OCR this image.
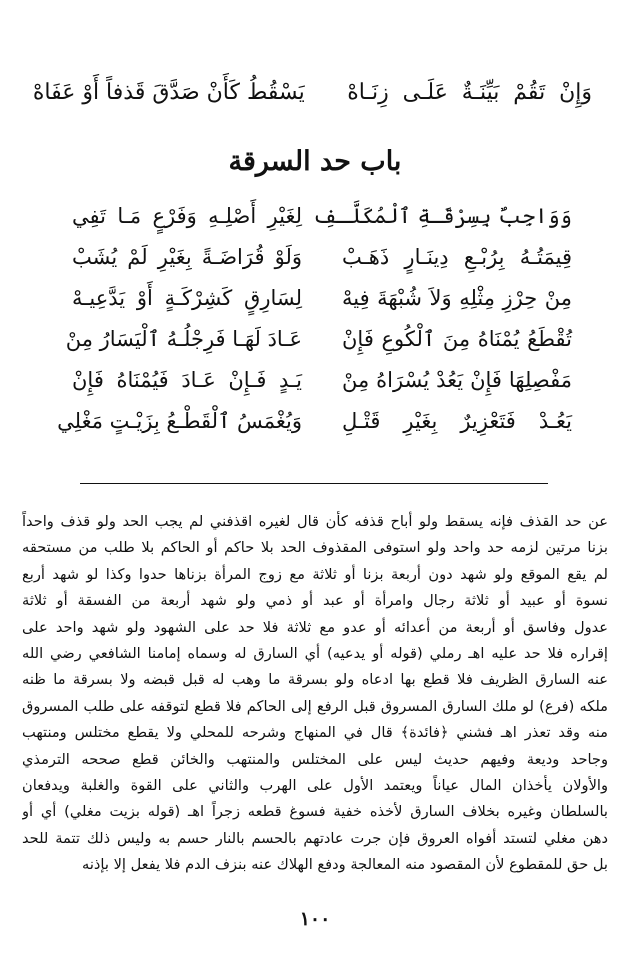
وَإِنْ تَقُمْ بَيِّنَـةٌ عَلَـى زِنَـاهْ
يَسْقُطُ كَأَنْ صَدَّقَ قَذفاً أَوْ عَفَاهْ
باب حد السرقة
وَوَاجِبٌ بِسِرْقَـةِ ٱلْمُكَلَّـفِ
لِغَيْرِ أَصْلِـهِ وَفَرْعٍ مَـا تَفِي
قِيمَتُـهُ بِرُبْـعِ دِينَـارٍ ذَهَـبْ
وَلَوْ قُرَاضَـةً بِغَيْرِ لَمْ يُشَبْ
مِنْ حِرْزِ مِثْلِهِ وَلاَ شُبْهَةَ فِيهْ
لِسَارِقٍ كَشِرْكَـةٍ أَوْ يَدَّعِيـهْ
تُقْطَعُ يُمْنَاهُ مِنَ ٱلْكُوعِ فَإِنْ
عَـادَ لَهَـا فَرِجْلُـهُ ٱلْيَسَارُ مِنْ
مَفْصِلِهَا فَإِنْ يَعُدْ يُسْرَاهُ مِنْ
يَـدٍ فَـإِنْ عَـادَ فَيُمْنَاهُ فَإِنْ
يَعُـدْ فَتَعْزِيرٌ بِغَيْرِ قَتْـلِ
وَيُغْمَسُ ٱلْقَطْـعُ بِزَيْـتٍ مَغْلِي
عن حد القذف فإنه يسقط ولو أباح قذفه كأن قال لغيره اقذفني لم يجب الحد ولو قذف واحداً
بزنا مرتين لزمه حد واحد ولو استوفى المقذوف الحد بلا حاكم أو الحاكم بلا طلب من مستحقه
لم يقع الموقع ولو شهد دون أربعة بزنا أو ثلاثة مع زوج المرأة بزناها حدوا وكذا لو شهد أربع
نسوة أو عبيد أو ثلاثة رجال وامرأة أو عبد أو ذمي ولو شهد أربعة من الفسقة أو ثلاثة
عدول وفاسق أو أربعة من أعدائه أو عدو مع ثلاثة فلا حد على الشهود ولو شهد واحد على
إقراره فلا حد عليه اهـ رملي (قوله أو يدعيه) أي السارق له وسماه إمامنا الشافعي رضي الله
عنه السارق الظريف فلا قطع بها ادعاه ولو بسرقة ما وهب له قبل قبضه ولا بسرقة ما ظنه
ملكه (فرع) لو ملك السارق المسروق قبل الرفع إلى الحاكم فلا قطع لتوقفه على طلب المسروق
منه وقد تعذر اهـ فشني ﴿فائدة﴾ قال في المنهاج وشرحه للمحلي ولا يقطع مختلس ومنتهب
وجاحد وديعة وفيهم حديث ليس على المختلس والمنتهب والخائن قطع صححه الترمذي
والأولان يأخذان المال عياناً ويعتمد الأول على الهرب والثاني على القوة والغلبة ويدفعان
بالسلطان وغيره بخلاف السارق لأخذه خفية فسوغ قطعه زجراً اهـ (قوله بزيت مغلي) أي أو
دهن مغلي لتستد أفواه العروق فإن جرت عادتهم بالحسم بالنار حسم به وليس ذلك تتمة للحد
بل حق للمقطوع لأن المقصود منه المعالجة ودفع الهلاك عنه بنزف الدم فلا يفعل إلا بإذنه
١٠٠
